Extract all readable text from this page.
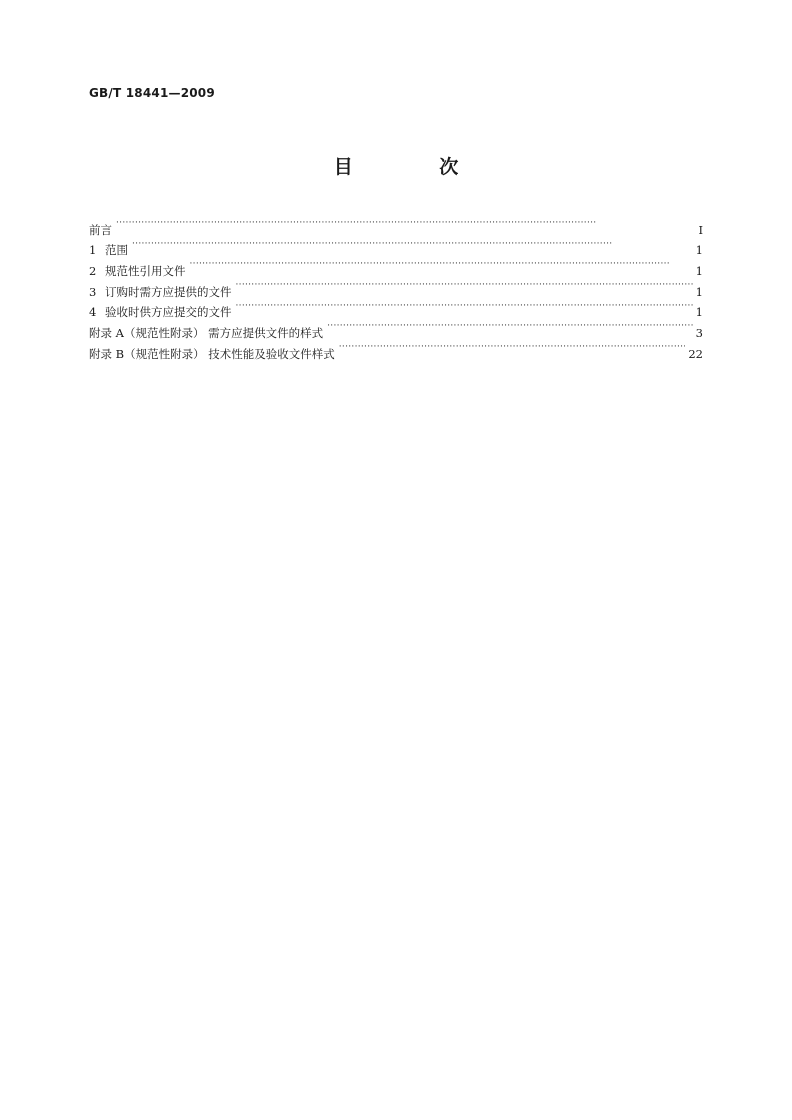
GB/T 18441—2009
目 次
前言 ·····	Ⅰ
1 范围 ·····	1
2 规范性引用文件 ·····	1
3 订购时需方应提供的文件 ·····	1
4 验收时供方应提交的文件 ·····	1
附录 A（规范性附录） 需方应提供文件的样式 ·····	3
附录 B（规范性附录） 技术性能及验收文件样式 ·····	22
